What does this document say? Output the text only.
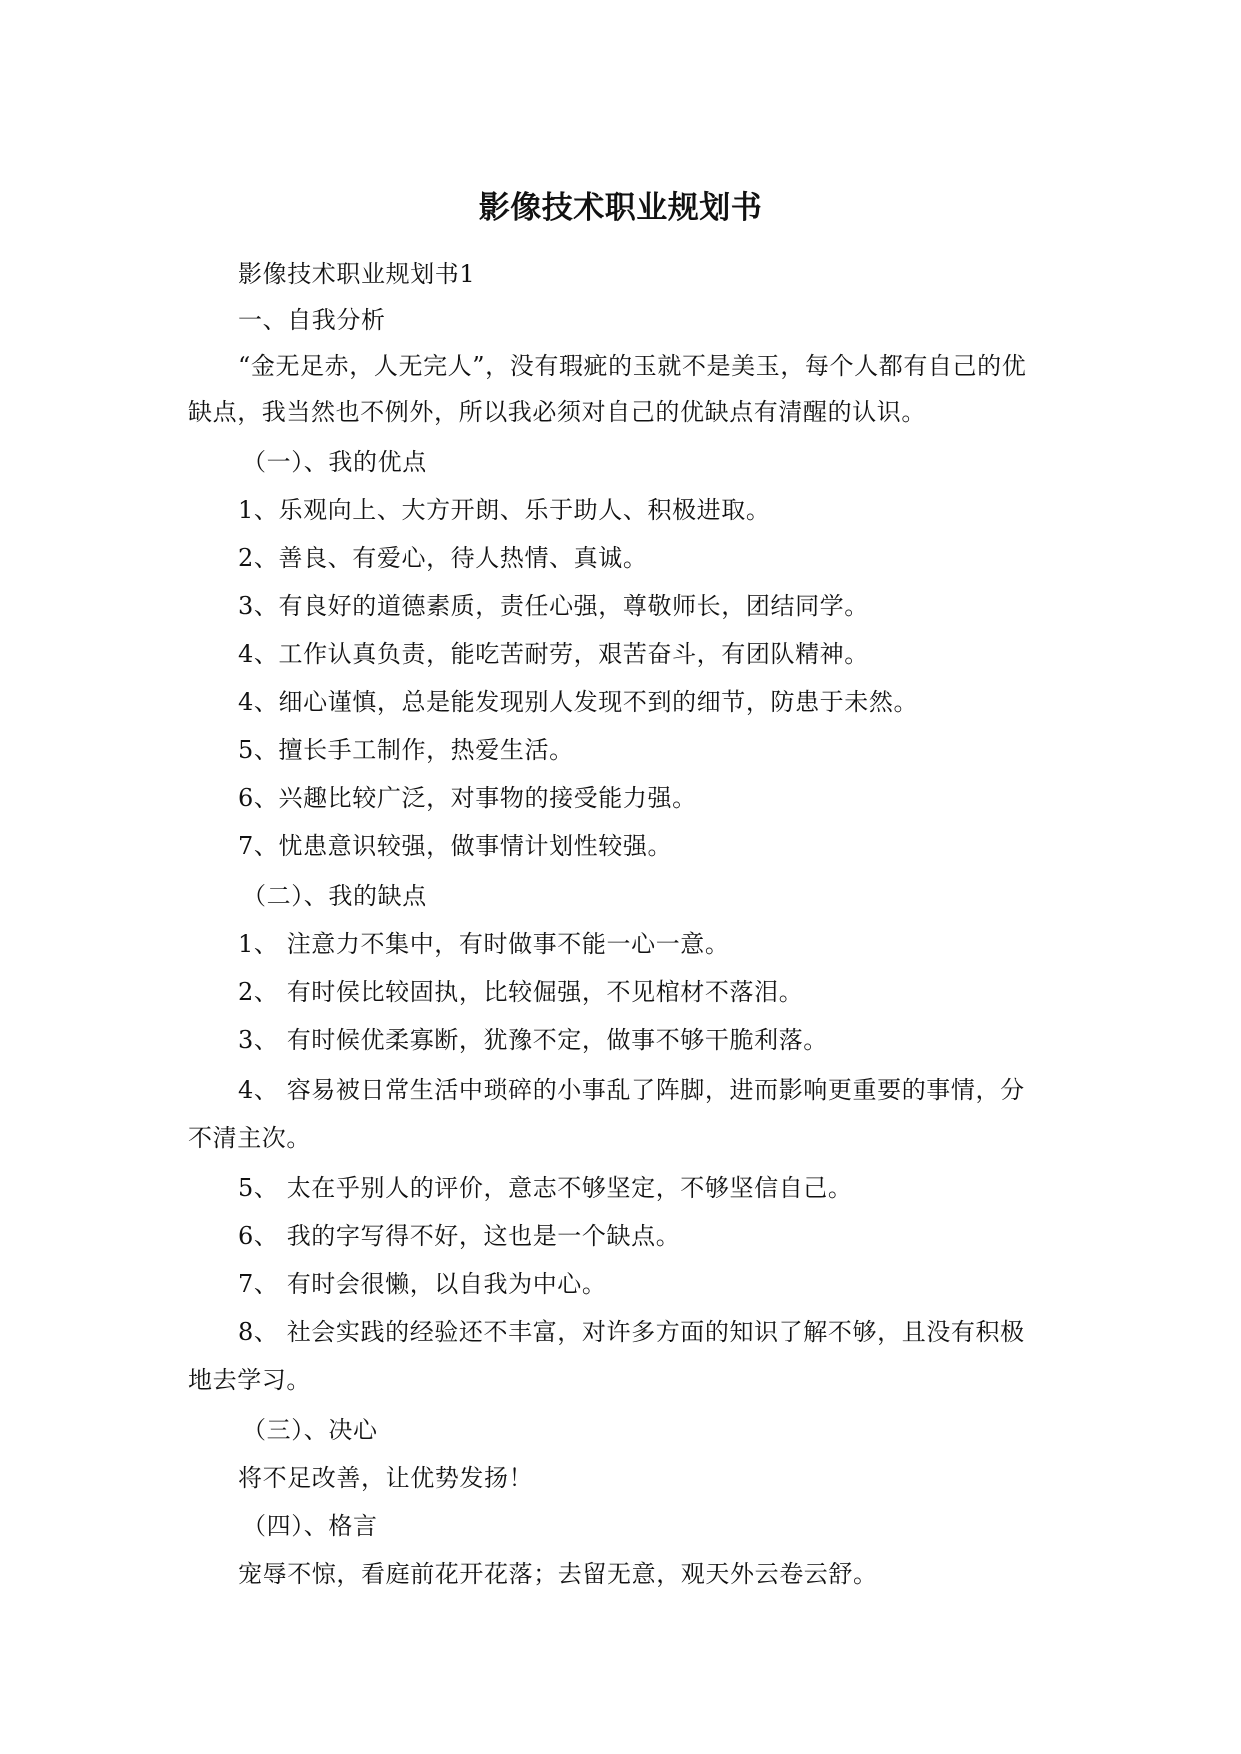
影像技术职业规划书
影像技术职业规划书1
一、自我分析
“金无足赤，人无完人”，没有瑕疵的玉就不是美玉，每个人都有自己的优
缺点，我当然也不例外，所以我必须对自己的优缺点有清醒的认识。
（一）、我的优点
1、乐观向上、大方开朗、乐于助人、积极进取。
2、善良、有爱心，待人热情、真诚。
3、有良好的道德素质，责任心强，尊敬师长，团结同学。
4、工作认真负责，能吃苦耐劳，艰苦奋斗，有团队精神。
4、细心谨慎，总是能发现别人发现不到的细节，防患于未然。
5、擅长手工制作，热爱生活。
6、兴趣比较广泛，对事物的接受能力强。
7、忧患意识较强，做事情计划性较强。
（二）、我的缺点
1、 注意力不集中，有时做事不能一心一意。
2、 有时侯比较固执，比较倔强，不见棺材不落泪。
3、 有时候优柔寡断，犹豫不定，做事不够干脆利落。
4、 容易被日常生活中琐碎的小事乱了阵脚，进而影响更重要的事情，分
不清主次。
5、 太在乎别人的评价，意志不够坚定，不够坚信自己。
6、 我的字写得不好，这也是一个缺点。
7、 有时会很懒，以自我为中心。
8、 社会实践的经验还不丰富，对许多方面的知识了解不够，且没有积极
地去学习。
（三）、决心
将不足改善，让优势发扬！
（四）、格言
宠辱不惊，看庭前花开花落；去留无意，观天外云卷云舒。
